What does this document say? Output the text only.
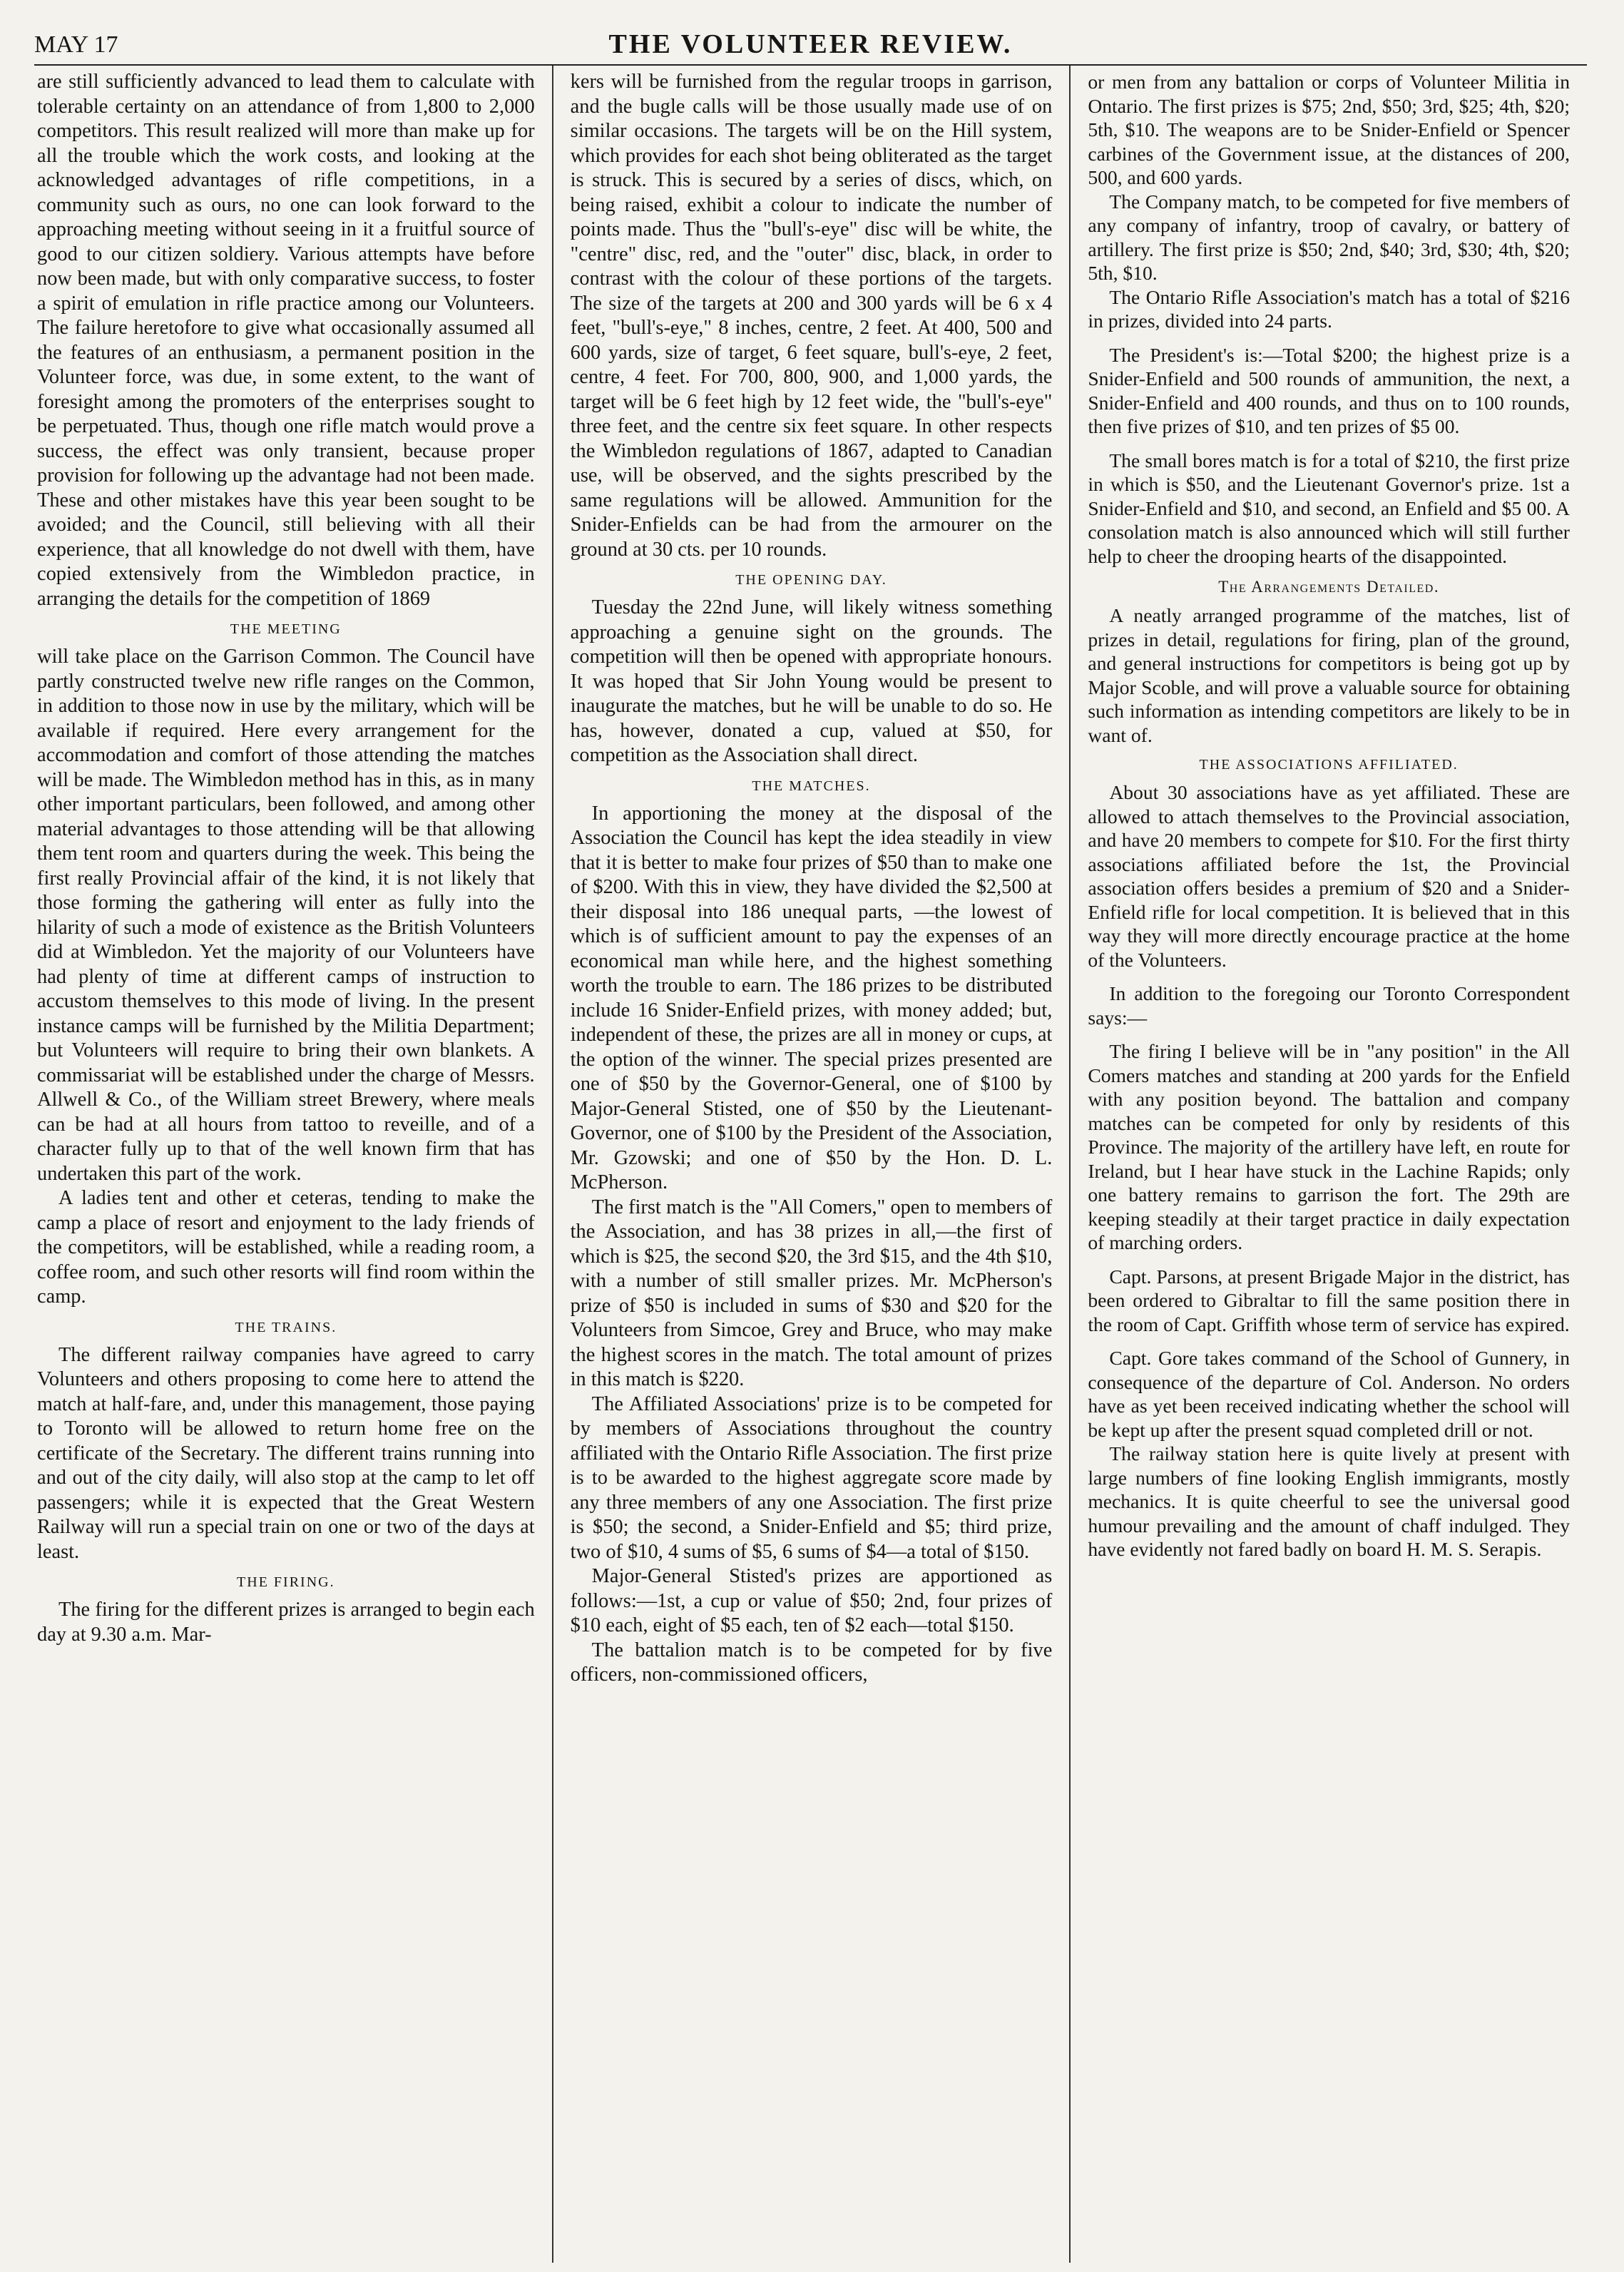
MAY 17	THE VOLUNTEER REVIEW.

are still sufficiently advanced to lead them to calculate with tolerable certainty on an attendance of from 1,800 to 2,000 competitors. This result realized will more than make up for all the trouble which the work costs, and looking at the acknowledged advantages of rifle competitions, in a community such as ours, no one can look forward to the approaching meeting without seeing in it a fruitful source of good to our citizen soldiery. Various attempts have before now been made, but with only comparative success, to foster a spirit of emulation in rifle practice among our Volunteers. The failure heretofore to give what occasionally assumed all the features of an enthusiasm, a permanent position in the Volunteer force, was due, in some extent, to the want of foresight among the promoters of the enterprises sought to be perpetuated. Thus, though one rifle match would prove a success, the effect was only transient, because proper provision for following up the advantage had not been made. These and other mistakes have this year been sought to be avoided; and the Council, still believing with all their experience, that all knowledge do not dwell with them, have copied extensively from the Wimbledon practice, in arranging the details for the competition of 1869

THE MEETING

will take place on the Garrison Common. The Council have partly constructed twelve new rifle ranges on the Common, in addition to those now in use by the military, which will be available if required. Here every arrangement for the accommodation and comfort of those attending the matches will be made. The Wimbledon method has in this, as in many other important particulars, been followed, and among other material advantages to those attending will be that allowing them tent room and quarters during the week. This being the first really Provincial affair of the kind, it is not likely that those forming the gathering will enter as fully into the hilarity of such a mode of existence as the British Volunteers did at Wimbledon. Yet the majority of our Volunteers have had plenty of time at different camps of instruction to accustom themselves to this mode of living. In the present instance camps will be furnished by the Militia Department; but Volunteers will require to bring their own blankets. A commissariat will be established under the charge of Messrs. Allwell & Co., of the William street Brewery, where meals can be had at all hours from tattoo to reveille, and of a character fully up to that of the well known firm that has undertaken this part of the work.

A ladies tent and other et ceteras, tending to make the camp a place of resort and enjoyment to the lady friends of the competitors, will be established, while a reading room, a coffee room, and such other resorts will find room within the camp.

THE TRAINS.

The different railway companies have agreed to carry Volunteers and others proposing to come here to attend the match at half-fare, and, under this management, those paying to Toronto will be allowed to return home free on the certificate of the Secretary. The different trains running into and out of the city daily, will also stop at the camp to let off passengers; while it is expected that the Great Western Railway will run a special train on one or two of the days at least.

THE FIRING.

The firing for the different prizes is arranged to begin each day at 9.30 a.m. Mar-

kers will be furnished from the regular troops in garrison, and the bugle calls will be those usually made use of on similar occasions. The targets will be on the Hill system, which provides for each shot being obliterated as the target is struck. This is secured by a series of discs, which, on being raised, exhibit a colour to indicate the number of points made. Thus the "bull's-eye" disc will be white, the "centre" disc, red, and the "outer" disc, black, in order to contrast with the colour of these portions of the targets. The size of the targets at 200 and 300 yards will be 6 x 4 feet, "bull's-eye," 8 inches, centre, 2 feet. At 400, 500 and 600 yards, size of target, 6 feet square, bull's-eye, 2 feet, centre, 4 feet. For 700, 800, 900, and 1,000 yards, the target will be 6 feet high by 12 feet wide, the "bull's-eye" three feet, and the centre six feet square. In other respects the Wimbledon regulations of 1867, adapted to Canadian use, will be observed, and the sights prescribed by the same regulations will be allowed. Ammunition for the Snider-Enfields can be had from the armourer on the ground at 30 cts. per 10 rounds.

THE OPENING DAY.

Tuesday the 22nd June, will likely witness something approaching a genuine sight on the grounds. The competition will then be opened with appropriate honours. It was hoped that Sir John Young would be present to inaugurate the matches, but he will be unable to do so. He has, however, donated a cup, valued at $50, for competition as the Association shall direct.

THE MATCHES.

In apportioning the money at the disposal of the Association the Council has kept the idea steadily in view that it is better to make four prizes of $50 than to make one of $200. With this in view, they have divided the $2,500 at their disposal into 186 unequal parts, —the lowest of which is of sufficient amount to pay the expenses of an economical man while here, and the highest something worth the trouble to earn. The 186 prizes to be distributed include 16 Snider-Enfield prizes, with money added; but, independent of these, the prizes are all in money or cups, at the option of the winner. The special prizes presented are one of $50 by the Governor-General, one of $100 by Major-General Stisted, one of $50 by the Lieutenant-Governor, one of $100 by the President of the Association, Mr. Gzowski; and one of $50 by the Hon. D. L. McPherson.

The first match is the "All Comers," open to members of the Association, and has 38 prizes in all,—the first of which is $25, the second $20, the 3rd $15, and the 4th $10, with a number of still smaller prizes. Mr. McPherson's prize of $50 is included in sums of $30 and $20 for the Volunteers from Simcoe, Grey and Bruce, who may make the highest scores in the match. The total amount of prizes in this match is $220.

The Affiliated Associations' prize is to be competed for by members of Associations throughout the country affiliated with the Ontario Rifle Association. The first prize is to be awarded to the highest aggregate score made by any three members of any one Association. The first prize is $50; the second, a Snider-Enfield and $5; third prize, two of $10, 4 sums of $5, 6 sums of $4—a total of $150.

Major-General Stisted's prizes are apportioned as follows:—1st, a cup or value of $50; 2nd, four prizes of $10 each, eight of $5 each, ten of $2 each—total $150.

The battalion match is to be competed for by five officers, non-commissioned officers,

or men from any battalion or corps of Volunteer Militia in Ontario. The first prizes is $75; 2nd, $50; 3rd, $25; 4th, $20; 5th, $10. The weapons are to be Snider-Enfield or Spencer carbines of the Government issue, at the distances of 200, 500, and 600 yards.

The Company match, to be competed for five members of any company of infantry, troop of cavalry, or battery of artillery. The first prize is $50; 2nd, $40; 3rd, $30; 4th, $20; 5th, $10.

The Ontario Rifle Association's match has a total of $216 in prizes, divided into 24 parts.

The President's is:—Total $200; the highest prize is a Snider-Enfield and 500 rounds of ammunition, the next, a Snider-Enfield and 400 rounds, and thus on to 100 rounds, then five prizes of $10, and ten prizes of $5 00.

The small bores match is for a total of $210, the first prize in which is $50, and the Lieutenant Governor's prize. 1st a Snider-Enfield and $10, and second, an Enfield and $5 00. A consolation match is also announced which will still further help to cheer the drooping hearts of the disappointed.

The Arrangements Detailed.

A neatly arranged programme of the matches, list of prizes in detail, regulations for firing, plan of the ground, and general instructions for competitors is being got up by Major Scoble, and will prove a valuable source for obtaining such information as intending competitors are likely to be in want of.

THE ASSOCIATIONS AFFILIATED.

About 30 associations have as yet affiliated. These are allowed to attach themselves to the Provincial association, and have 20 members to compete for $10. For the first thirty associations affiliated before the 1st, the Provincial association offers besides a premium of $20 and a Snider-Enfield rifle for local competition. It is believed that in this way they will more directly encourage practice at the home of the Volunteers.

In addition to the foregoing our Toronto Correspondent says:—

The firing I believe will be in "any position" in the All Comers matches and standing at 200 yards for the Enfield with any position beyond. The battalion and company matches can be competed for only by residents of this Province. The majority of the artillery have left, en route for Ireland, but I hear have stuck in the Lachine Rapids; only one battery remains to garrison the fort. The 29th are keeping steadily at their target practice in daily expectation of marching orders.

Capt. Parsons, at present Brigade Major in the district, has been ordered to Gibraltar to fill the same position there in the room of Capt. Griffith whose term of service has expired.

Capt. Gore takes command of the School of Gunnery, in consequence of the departure of Col. Anderson. No orders have as yet been received indicating whether the school will be kept up after the present squad completed drill or not.

The railway station here is quite lively at present with large numbers of fine looking English immigrants, mostly mechanics. It is quite cheerful to see the universal good humour prevailing and the amount of chaff indulged. They have evidently not fared badly on board H. M. S. Serapis.
